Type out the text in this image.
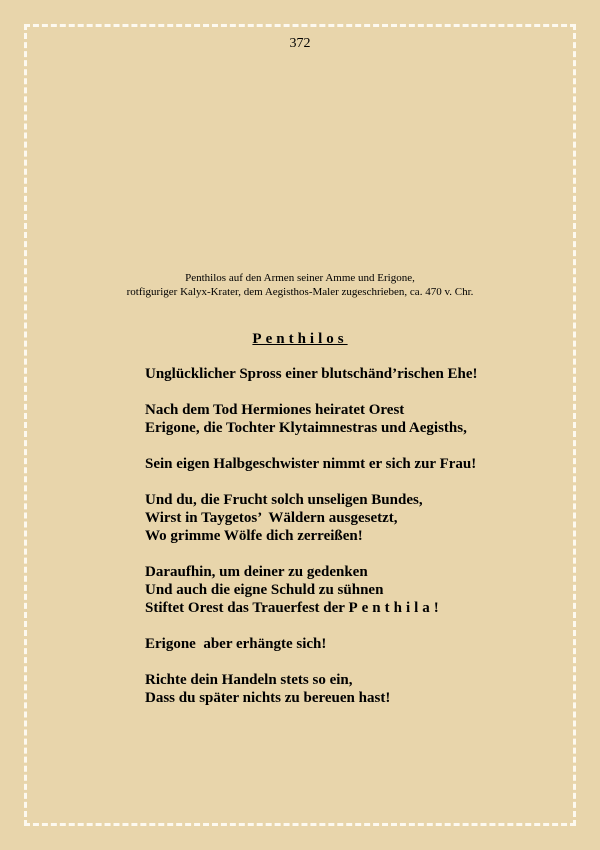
372
Penthilos auf den Armen seiner Amme und Erigone,
rotfiguriger Kalyx-Krater, dem Aegisthos-Maler zugeschrieben, ca. 470 v. Chr.
Penthilos
Unglücklicher Spross einer blutschänd’rischen Ehe!
Nach dem Tod Hermiones heiratet Orest
Erigone, die Tochter Klytaimnestras und Aegisths,
Sein eigen Halbgeschwister nimmt er sich zur Frau!
Und du, die Frucht solch unseligen Bundes,
Wirst in Taygetos’  Wäldern ausgesetzt,
Wo grimme Wölfe dich zerreißen!
Daraufhin, um deiner zu gedenken
Und auch die eigne Schuld zu sühnen
Stiftet Orest das Trauerfest der Penthila!
Erigone  aber erhängte sich!
Richte dein Handeln stets so ein,
Dass du später nichts zu bereuen hast!
